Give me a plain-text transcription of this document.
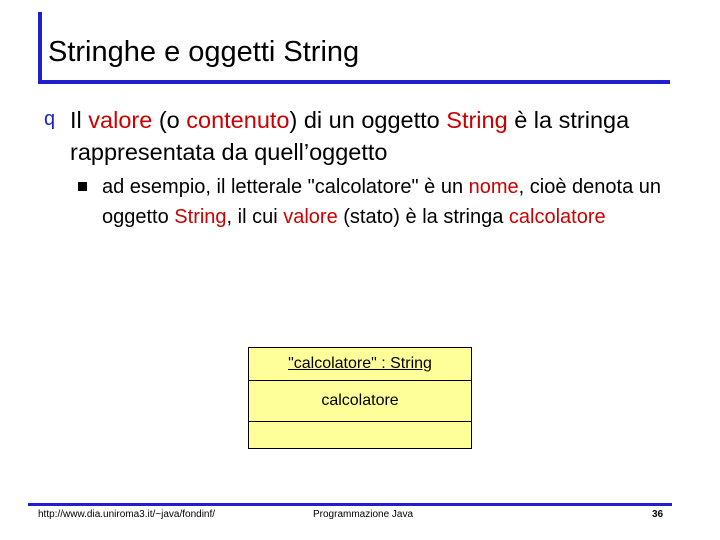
Stringhe e oggetti String
q Il valore (o contenuto) di un oggetto String è la stringa rappresentata da quell’oggetto
ad esempio, il letterale "calcolatore" è un nome, cioè denota un oggetto String, il cui valore (stato) è la stringa calcolatore
"calcolatore" : String
calcolatore
http://www.dia.uniroma3.it/~java/fondinf/	Programmazione Java	36
